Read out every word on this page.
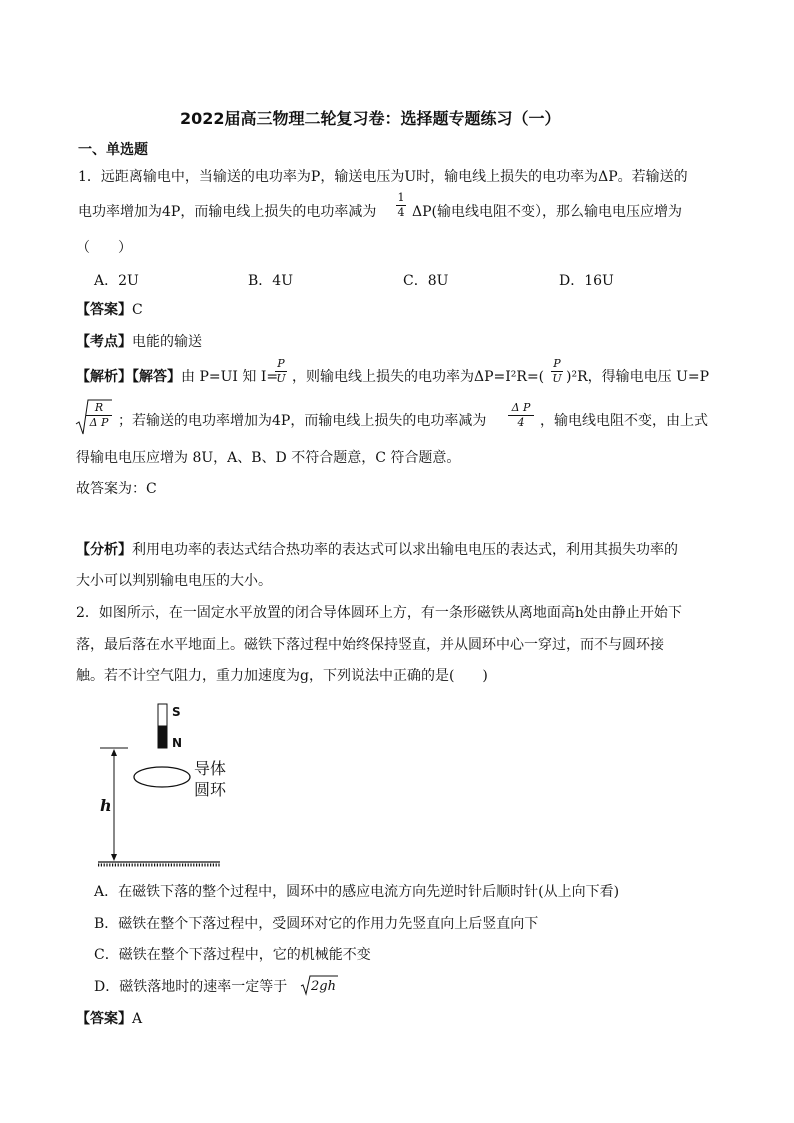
2022届高三物理二轮复习卷：选择题专题练习（一）
一、单选题
1．远距离输电中，当输送的电功率为P，输送电压为U时，输电线上损失的电功率为ΔP。若输送的
电功率增加为4P，而输电线上损失的电功率减为
1
4 ΔP(输电线电阻不变），那么输电电压应增为
（　　）
A．2U	B．4U	C．8U	D．16U
【答案】C
【考点】电能的输送
【解析】【解答】由 P=UI 知 I=
P
U ，则输电线上损失的电功率为ΔP=I²R=(
P
U )²R，得输电电压 U=P
R
Δ P ；若输送的电功率增加为4P，而输电线上损失的电功率减为
Δ P
4	，输电线电阻不变，由上式
得输电电压应增为 8U，A、B、D 不符合题意，C 符合题意。
故答案为：C
【分析】利用电功率的表达式结合热功率的表达式可以求出输电电压的表达式，利用其损失功率的
大小可以判别输电电压的大小。
2．如图所示，在一固定水平放置的闭合导体圆环上方，有一条形磁铁从离地面高h处由静止开始下
落，最后落在水平地面上。磁铁下落过程中始终保持竖直，并从圆环中心一穿过，而不与圆环接
触。若不计空气阻力，重力加速度为g，下列说法中正确的是(　　)
S
N
导体
圆环
h
A．在磁铁下落的整个过程中，圆环中的感应电流方向先逆时针后顺时针(从上向下看)
B．磁铁在整个下落过程中，受圆环对它的作用力先竖直向上后竖直向下
C．磁铁在整个下落过程中，它的机械能不变
D．磁铁落地时的速率一定等于 2gh
【答案】A
